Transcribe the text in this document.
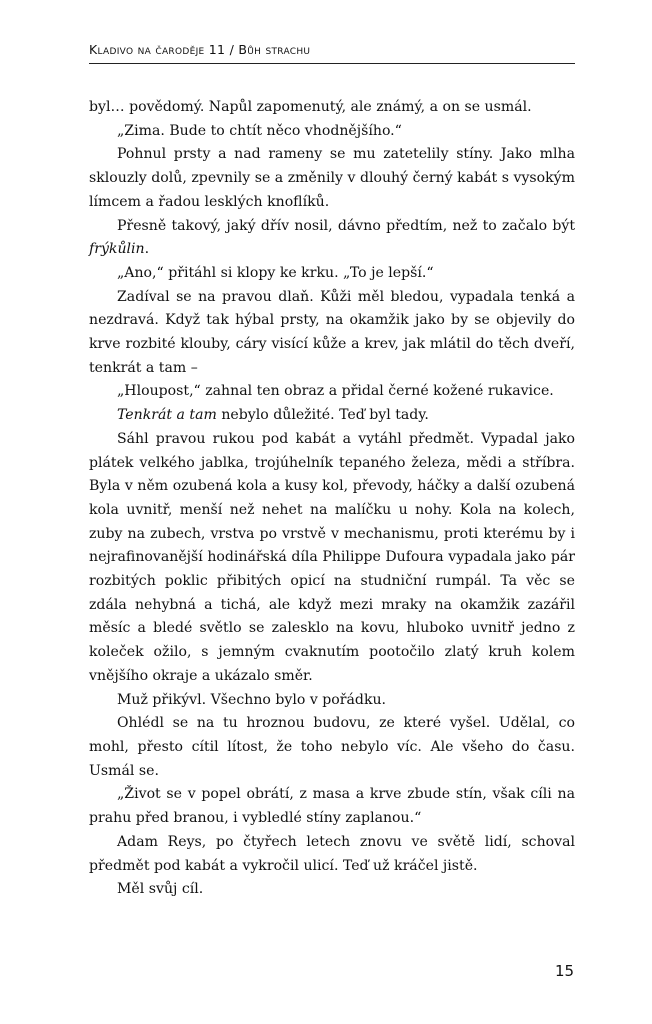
Kladivo na čaroděje 11 / Bůh strachu

byl… povědomý. Napůl zapomenutý, ale známý, a on se usmál.

„Zima. Bude to chtít něco vhodnějšího.“

Pohnul prsty a nad rameny se mu zatetelily stíny. Jako mlha sklouzly dolů, zpevnily se a změnily v dlouhý černý kabát s vysokým límcem a řadou lesklých knoflíků.

Přesně takový, jaký dřív nosil, dávno předtím, než to začalo být frýkůlin.

„Ano,“ přitáhl si klopy ke krku. „To je lepší.“

Zadíval se na pravou dlaň. Kůži měl bledou, vypadala tenká a nezdravá. Když tak hýbal prsty, na okamžik jako by se objevily do krve rozbité klouby, cáry visící kůže a krev, jak mlátil do těch dveří, tenkrát a tam –

„Hloupost,“ zahnal ten obraz a přidal černé kožené rukavice.

Tenkrát a tam nebylo důležité. Teď byl tady.

Sáhl pravou rukou pod kabát a vytáhl předmět. Vypadal jako plátek velkého jablka, trojúhelník tepaného železa, mědi a stříbra. Byla v něm ozubená kola a kusy kol, převody, háčky a další ozubená kola uvnitř, menší než nehet na malíčku u nohy. Kola na kolech, zuby na zubech, vrstva po vrstvě v mechanismu, proti kterému by i nejrafinovanější hodinářská díla Philippe Dufoura vypadala jako pár rozbitých poklic přibitých opicí na studniční rumpál. Ta věc se zdála nehybná a tichá, ale když mezi mraky na okamžik zazářil měsíc a bledé světlo se zalesklo na kovu, hluboko uvnitř jedno z koleček ožilo, s jemným cvaknutím pootočilo zlatý kruh kolem vnějšího okraje a ukázalo směr.

Muž přikývl. Všechno bylo v pořádku.

Ohlédl se na tu hroznou budovu, ze které vyšel. Udělal, co mohl, přesto cítil lítost, že toho nebylo víc. Ale všeho do času. Usmál se.

„Život se v popel obrátí, z masa a krve zbude stín, však cíli na prahu před branou, i vybledlé stíny zaplanou.“

Adam Reys, po čtyřech letech znovu ve světě lidí, schoval předmět pod kabát a vykročil ulicí. Teď už kráčel jistě.

Měl svůj cíl.

15
